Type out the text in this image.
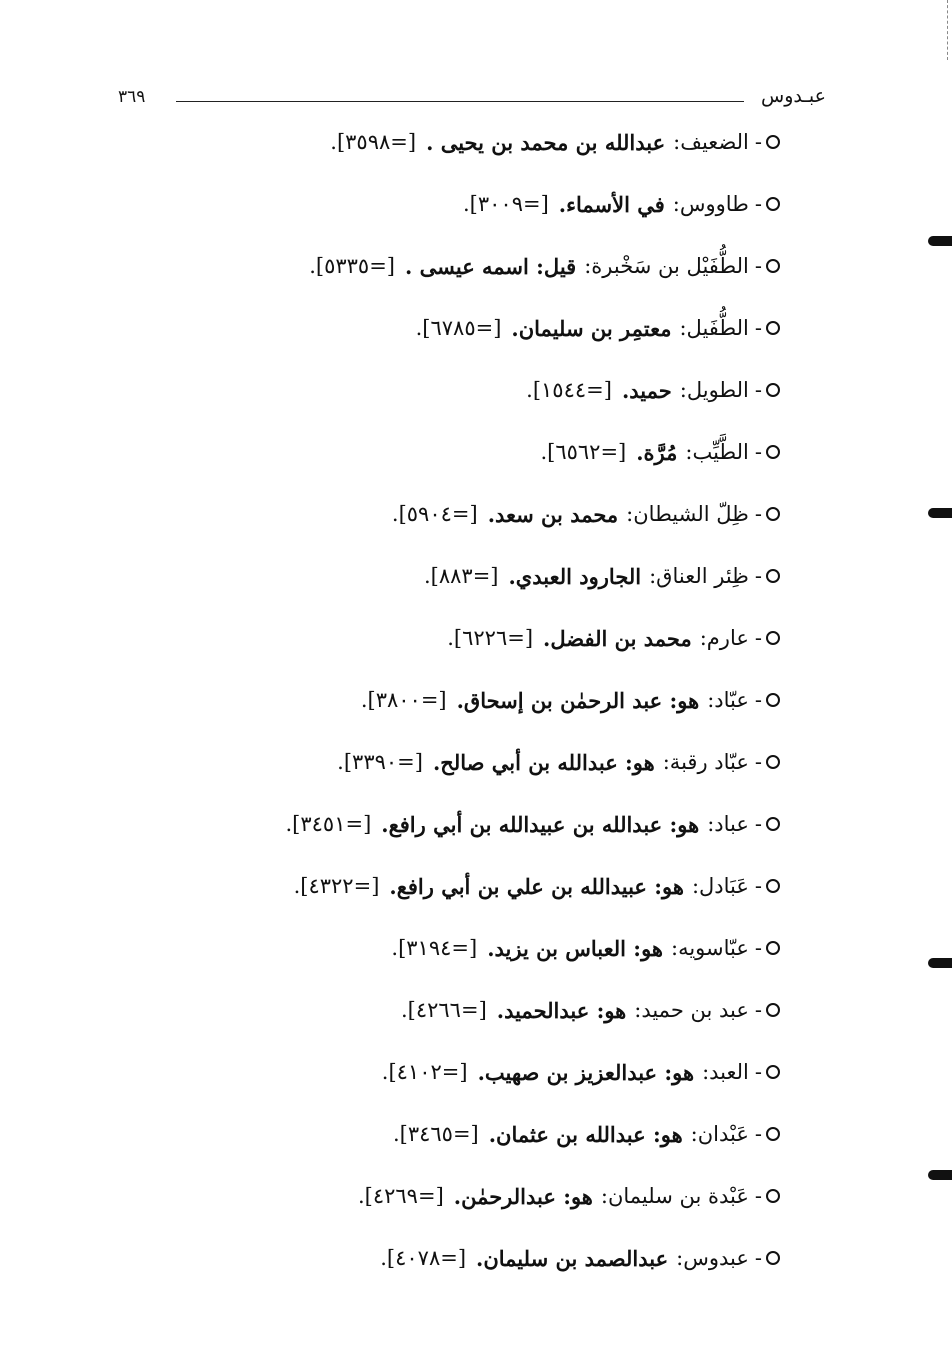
عبـدوس
٣٦٩
-
الضعيف:
عبدالله بن محمد بن يحيى .
[=٣٥٩٨].
-
طاووس:
في الأسماء.
[=٣٠٠٩].
-
الطُّفَيْل بن سَخْبرة:
قيل: اسمه عيسى .
[=٥٣٣٥].
-
الطُّفَيل:
معتمِر بن سليمان.
[=٦٧٨٥].
-
الطويل:
حميد.
[=١٥٤٤].
-
الطَّيِّب:
مُرَّة.
[=٦٥٦٢].
-
ظِلّ الشيطان:
محمد بن سعد.
[=٥٩٠٤].
-
ظِئر العناق:
الجارود العبدي.
[=٨٨٣].
-
عارم:
محمد بن الفضل.
[=٦٢٢٦].
-
عبّاد:
هو: عبد الرحمٰن بن إسحاق.
[=٣٨٠٠].
-
عبّاد رقبة:
هو: عبدالله بن أبي صالح.
[=٣٣٩٠].
-
عباد:
هو: عبدالله بن عبيدالله بن أبي رافع.
[=٣٤٥١].
-
عَبَادل:
هو: عبيدالله بن علي بن أبي رافع.
[=٤٣٢٢].
-
عبّاسويه:
هو: العباس بن يزيد.
[=٣١٩٤].
-
عبد بن حميد:
هو: عبدالحميد.
[=٤٢٦٦].
-
العبد:
هو: عبدالعزيز بن صهيب.
[=٤١٠٢].
-
عَبْدان:
هو: عبدالله بن عثمان.
[=٣٤٦٥].
-
عَبْدة بن سليمان:
هو: عبدالرحمٰن.
[=٤٢٦٩].
-
عبدوس:
عبدالصمد بن سليمان.
[=٤٠٧٨].
